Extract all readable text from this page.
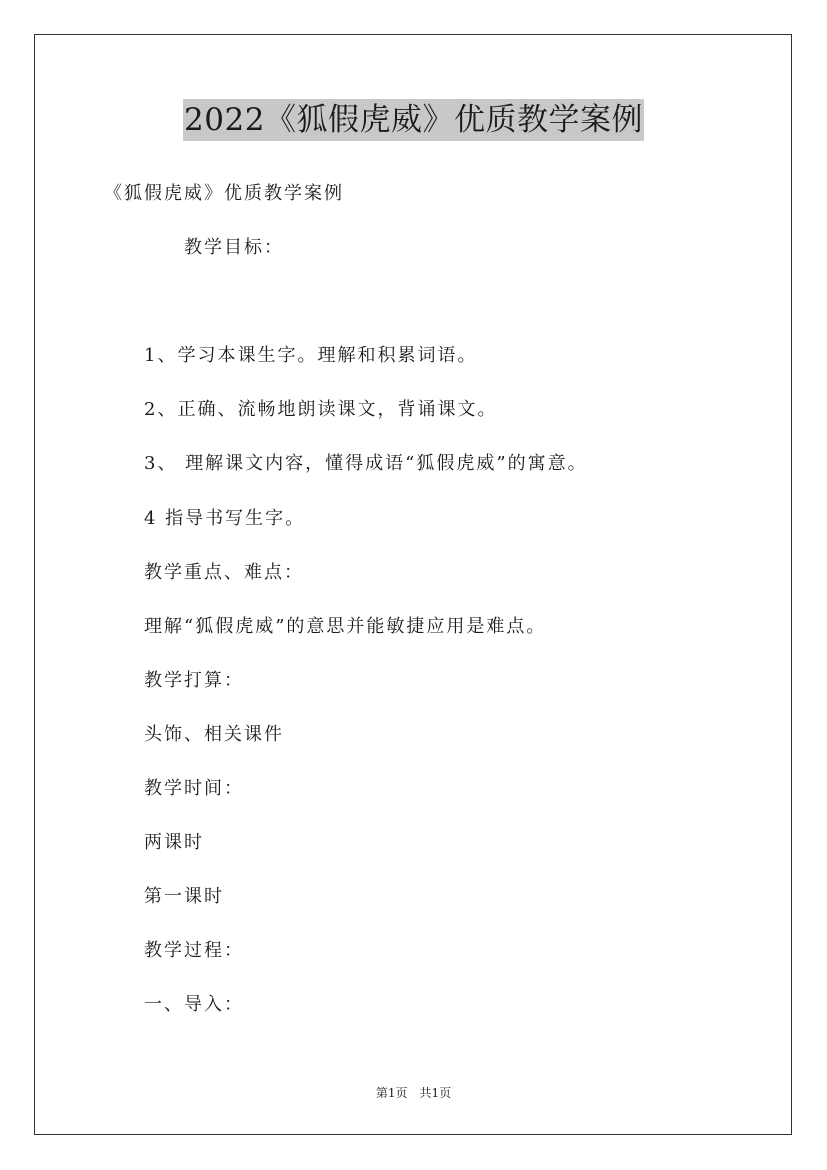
2022《狐假虎威》优质教学案例

《狐假虎威》优质教学案例

教学目标：

1、学习本课生字。理解和积累词语。

2、正确、流畅地朗读课文，背诵课文。

3、 理解课文内容，懂得成语“狐假虎威”的寓意。

4 指导书写生字。

教学重点、难点：

理解“狐假虎威”的意思并能敏捷应用是难点。

教学打算：

头饰、相关课件

教学时间：

两课时

第一课时

教学过程：

一、导入：

第1页　共1页
